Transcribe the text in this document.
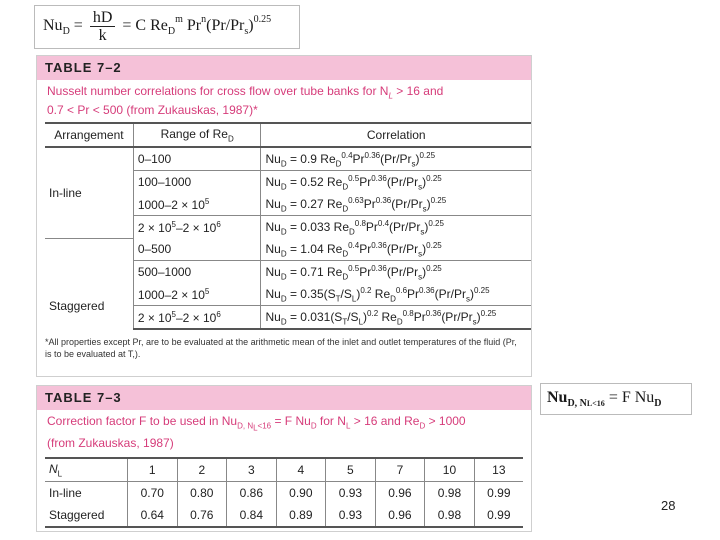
$Nu_D = \frac{hD}{k} = C$ $Re_D^m$ $Pr^n(Pr/Pr_s)^{0.25}$
TABLE 7–2
Nusselt number correlations for cross flow over tube banks for $N_L > 16$ and
0.7 < Pr < 500 (from Zukauskas, 1987)*
Arrangement	Range of $Re_D$	Correlation
In-line	0–100	$Nu_D = 0.9$ $Re_D^{0.4}Pr^{0.36}(Pr/Pr_s)^{0.25}$
	100–1000	$Nu_D = 0.52$ $Re_D^{0.5}Pr^{0.36}(Pr/Pr_s)^{0.25}$
	$1000-2 \times 10^5$	$Nu_D = 0.27$ $Re_D^{0.63}Pr^{0.36}(Pr/Pr_s)^{0.25}$
	$2 \times 10^5-2 \times 10^6$	$Nu_D = 0.033$ $Re_D^{0.8}Pr^{0.4}(Pr/Pr_s)^{0.25}$
Staggered	0–500	$Nu_D = 1.04$ $Re_D^{0.4}Pr^{0.36}(Pr/Pr_s)^{0.25}$
	500–1000	$Nu_D = 0.71$ $Re_D^{0.5}Pr^{0.36}(Pr/Pr_s)^{0.25}$
	$1000-2 \times 10^5$	$Nu_D = 0.35(S_T/S_L)^{0.2}$ $Re_D^{0.6}Pr^{0.36}(Pr/Pr_s)^{0.25}$
	$2 \times 10^5-2 \times 10^6$	$Nu_D = 0.031(S_T/S_L)^{0.2}$ $Re_D^{0.8}Pr^{0.36}(Pr/Pr_s)^{0.25}$
*All properties except Pr, are to be evaluated at the arithmetic mean of the inlet and outlet temperatures of the fluid (Pr, is to be evaluated at T,).
TABLE 7–3
Correction factor F to be used in $Nu_{D, N_L<16} = F$ $Nu_D$ for $N_L > 16$ and $Re_D > 1000$
(from Zukauskas, 1987)
$N_L$	1	2	3	4	5	7	10	13
In-line	0.70	0.80	0.86	0.90	0.93	0.96	0.98	0.99
Staggered	0.64	0.76	0.84	0.89	0.93	0.96	0.98	0.99
$Nu_{D, NL<16} = F$ $Nu_D$
28
